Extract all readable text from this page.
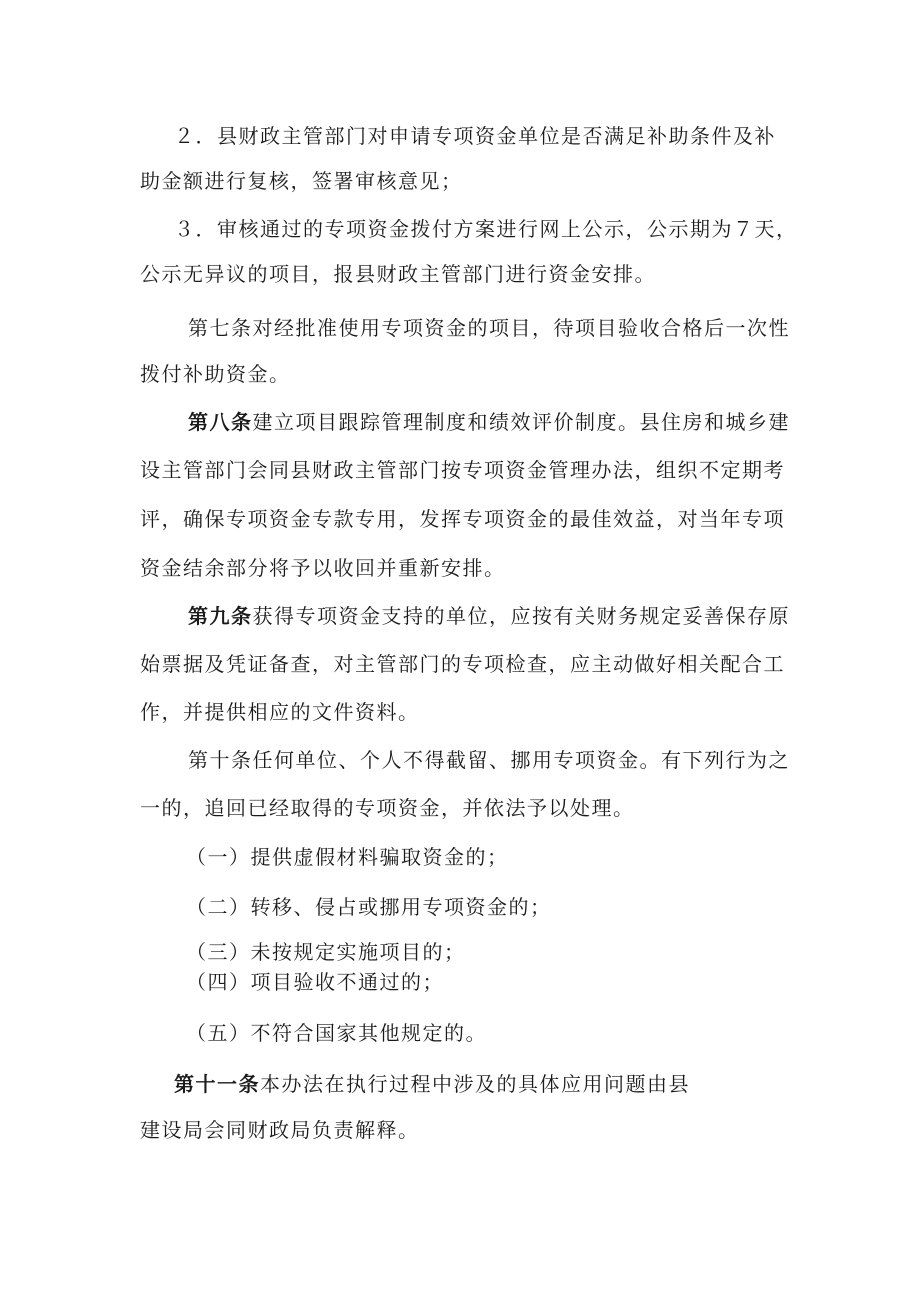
２．县财政主管部门对申请专项资金单位是否满足补助条件及补
助金额进行复核，签署审核意见；
３．审核通过的专项资金拨付方案进行网上公示，公示期为７天，
公示无异议的项目，报县财政主管部门进行资金安排。
第七条对经批准使用专项资金的项目，待项目验收合格后一次性
拨付补助资金。
第八条建立项目跟踪管理制度和绩效评价制度。县住房和城乡建
设主管部门会同县财政主管部门按专项资金管理办法，组织不定期考
评，确保专项资金专款专用，发挥专项资金的最佳效益，对当年专项
资金结余部分将予以收回并重新安排。
第九条获得专项资金支持的单位，应按有关财务规定妥善保存原
始票据及凭证备查，对主管部门的专项检查，应主动做好相关配合工
作，并提供相应的文件资料。
第十条任何单位、个人不得截留、挪用专项资金。有下列行为之
一的，追回已经取得的专项资金，并依法予以处理。
（一）提供虚假材料骗取资金的；
（二）转移、侵占或挪用专项资金的；
（三）未按规定实施项目的；
（四）项目验收不通过的；
（五）不符合国家其他规定的。
第十一条本办法在执行过程中涉及的具体应用问题由县
建设局会同财政局负责解释。
